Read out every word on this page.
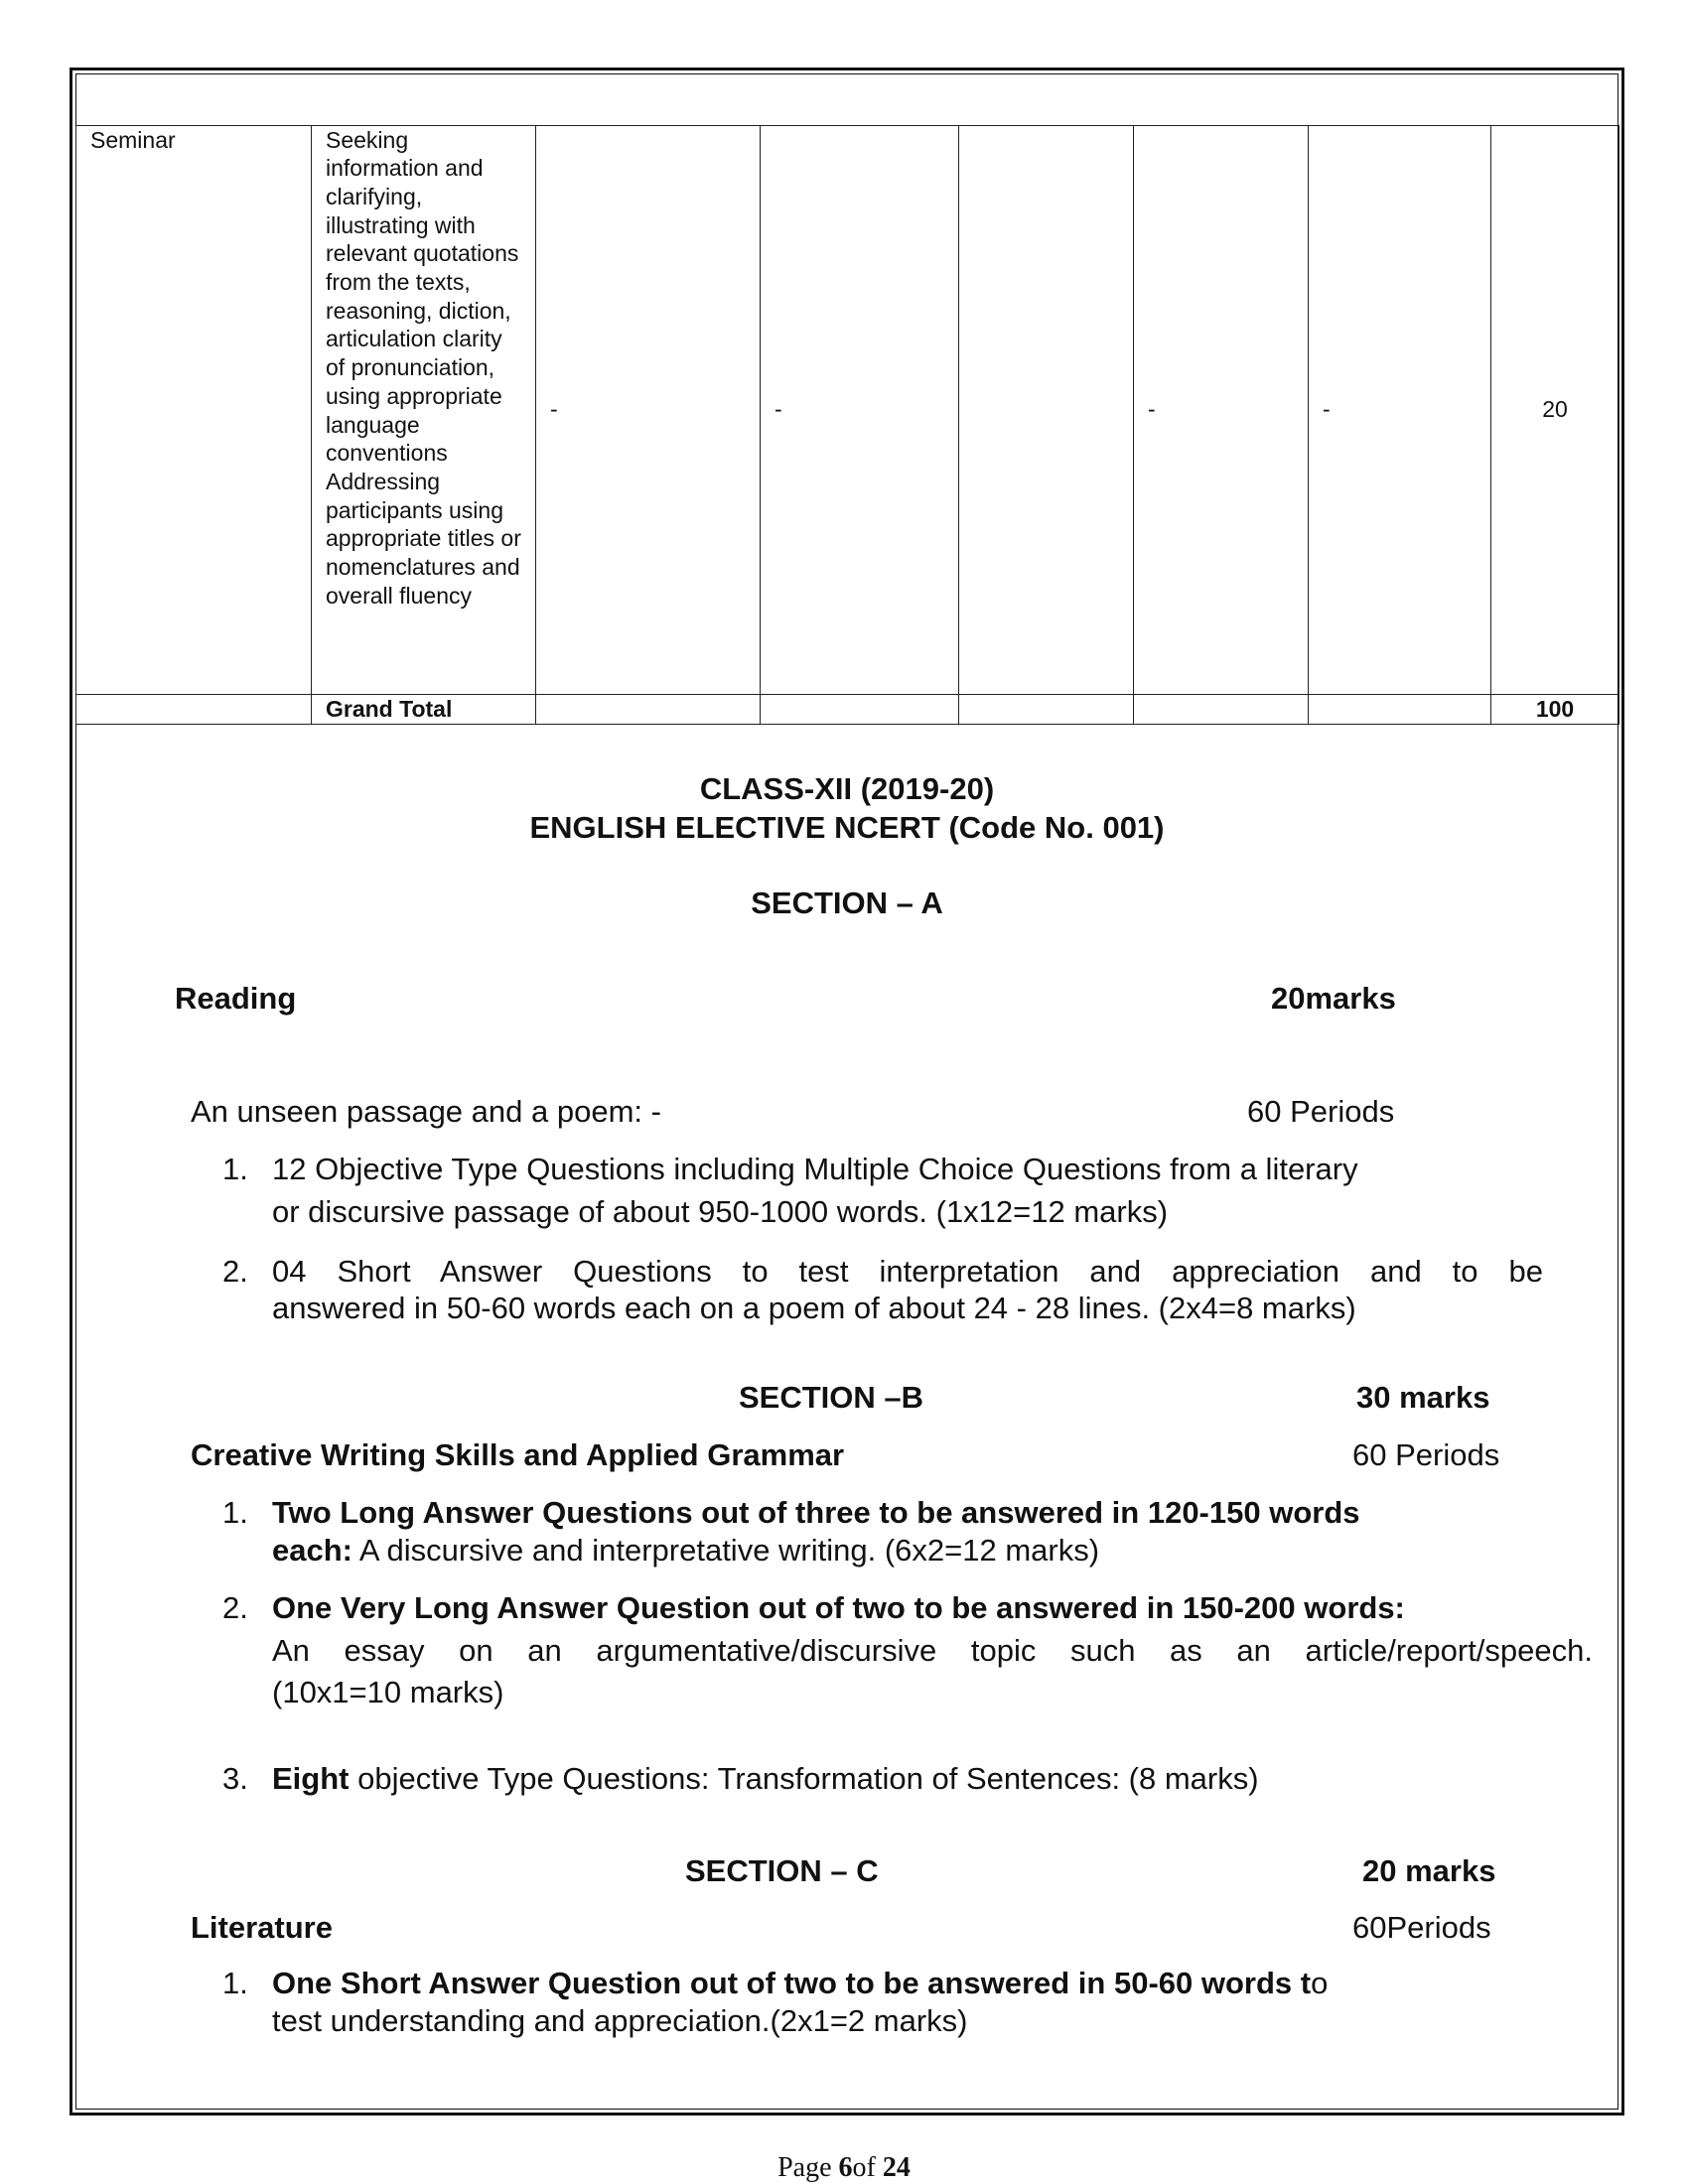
Seminar	Seeking information and clarifying, illustrating with relevant quotations from the texts, reasoning, diction, articulation clarity of pronunciation, using appropriate language conventions Addressing participants using appropriate titles or nomenclatures and overall fluency	-	-		-	-	20
	Grand Total						100
CLASS-XII (2019-20)
ENGLISH ELECTIVE NCERT (Code No. 001)
SECTION – A
Reading	20marks
An unseen passage and a poem: -	60 Periods
1. 12 Objective Type Questions including Multiple Choice Questions from a literary
or discursive passage of about 950-1000 words. (1x12=12 marks)
2. 04 Short Answer Questions to test interpretation and appreciation and to be
answered in 50-60 words each on a poem of about 24 - 28 lines. (2x4=8 marks)
SECTION –B	30 marks
Creative Writing Skills and Applied Grammar	60 Periods
1. Two Long Answer Questions out of three to be answered in 120-150 words
each: A discursive and interpretative writing. (6x2=12 marks)
2. One Very Long Answer Question out of two to be answered in 150-200 words:
An essay on an argumentative/discursive topic such as an article/report/speech.
(10x1=10 marks)
3. Eight objective Type Questions: Transformation of Sentences: (8 marks)
SECTION – C	20 marks
Literature	60Periods
1. One Short Answer Question out of two to be answered in 50-60 words to
test understanding and appreciation.(2x1=2 marks)
Page 6of 24
